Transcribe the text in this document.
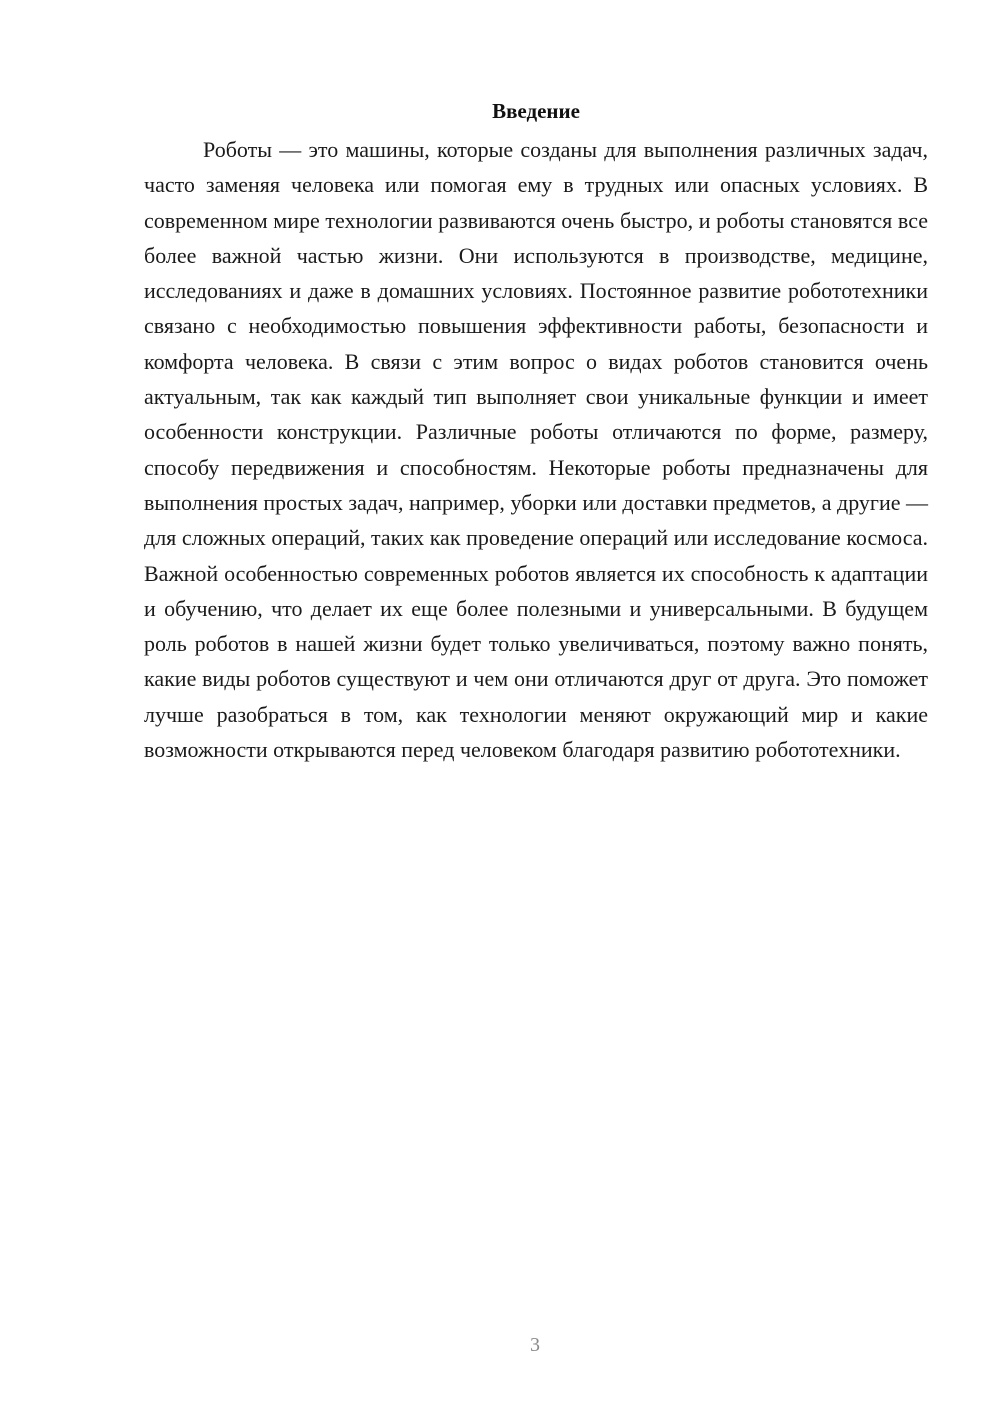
Введение

Роботы — это машины, которые созданы для выполнения различных задач, часто заменяя человека или помогая ему в трудных или опасных условиях. В современном мире технологии развиваются очень быстро, и роботы становятся все более важной частью жизни. Они используются в производстве, медицине, исследованиях и даже в домашних условиях. Постоянное развитие робототехники связано с необходимостью повышения эффективности работы, безопасности и комфорта человека. В связи с этим вопрос о видах роботов становится очень актуальным, так как каждый тип выполняет свои уникальные функции и имеет особенности конструкции. Различные роботы отличаются по форме, размеру, способу передвижения и способностям. Некоторые роботы предназначены для выполнения простых задач, например, уборки или доставки предметов, а другие — для сложных операций, таких как проведение операций или исследование космоса. Важной особенностью современных роботов является их способность к адаптации и обучению, что делает их еще более полезными и универсальными. В будущем роль роботов в нашей жизни будет только увеличиваться, поэтому важно понять, какие виды роботов существуют и чем они отличаются друг от друга. Это поможет лучше разобраться в том, как технологии меняют окружающий мир и какие возможности открываются перед человеком благодаря развитию робототехники.

3
